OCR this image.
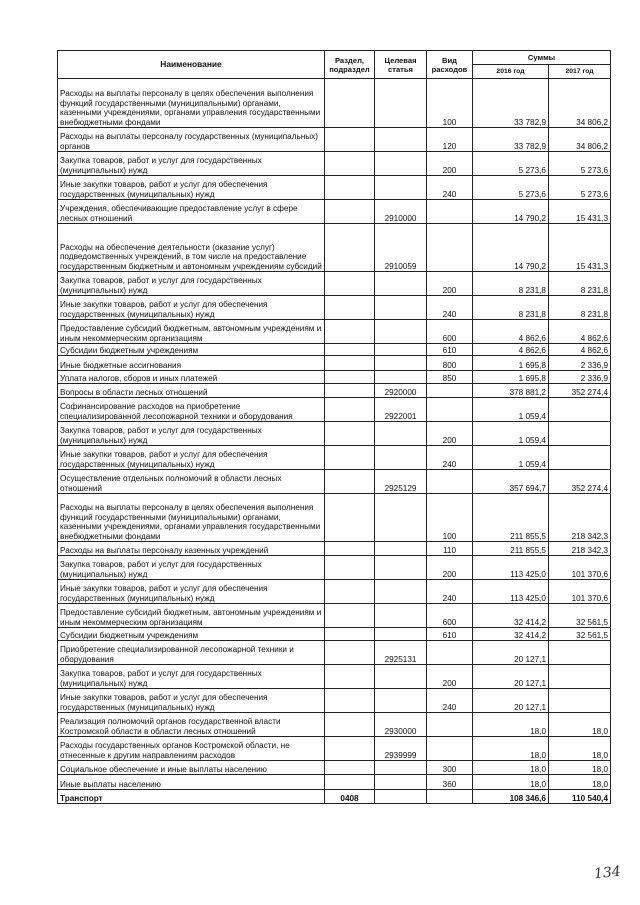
Наименование	Раздел, подраздел	Целевая статья	Вид расходов	Суммы	
				2016 год	2017 год
Расходы на выплаты персоналу в целях обеспечения выполнения функций государственными (муниципальными) органами, казенными учреждениями, органами управления государственными внебюджетными фондами			100	33 782,9	34 806,2
Расходы на выплаты персоналу государственных (муниципальных) органов			120	33 782,9	34 806,2
Закупка товаров, работ и услуг для государственных (муниципальных) нужд			200	5 273,6	5 273,6
Иные закупки товаров, работ и услуг для обеспечения государственных (муниципальных) нужд			240	5 273,6	5 273,6
Учреждения, обеспечивающие предоставление услуг в сфере лесных отношений		2910000		14 790,2	15 431,3
Расходы на обеспечение деятельности (оказание услуг) подведомственных учреждений, в том числе на предоставление государственным бюджетным и автономным учреждениям субсидий		2910059		14 790,2	15 431,3
Закупка товаров, работ и услуг для государственных (муниципальных) нужд			200	8 231,8	8 231,8
Иные закупки товаров, работ и услуг для обеспечения государственных (муниципальных) нужд			240	8 231,8	8 231,8
Предоставление субсидий бюджетным, автономным учреждениям и иным некоммерческим организациям			600	4 862,6	4 862,6
Субсидии бюджетным учреждениям			610	4 862,6	4 862,6
Иные бюджетные ассигнования			800	1 695,8	2 336,9
Уплата налогов, сборов и иных платежей			850	1 695,8	2 336,9
Вопросы в области лесных отношений		2920000		378 881,2	352 274,4
Софинансирование расходов на приобретение специализированной лесопожарной техники и оборудования		2922001		1 059,4	
Закупка товаров, работ и услуг для государственных (муниципальных) нужд			200	1 059,4	
Иные закупки товаров, работ и услуг для обеспечения государственных (муниципальных) нужд			240	1 059,4	
Осуществление отдельных полномочий в области лесных отношений		2925129		357 694,7	352 274,4
Расходы на выплаты персоналу в целях обеспечения выполнения функций государственными (муниципальными) органами, казенными учреждениями, органами управления государственными внебюджетными фондами			100	211 855,5	218 342,3
Расходы на выплаты персоналу казенных учреждений			110	211 855,5	218 342,3
Закупка товаров, работ и услуг для государственных (муниципальных) нужд			200	113 425,0	101 370,6
Иные закупки товаров, работ и услуг для обеспечения государственных (муниципальных) нужд			240	113 425,0	101 370,6
Предоставление субсидий бюджетным, автономным учреждениям и иным некоммерческим организациям			600	32 414,2	32 561,5
Субсидии бюджетным учреждениям			610	32 414,2	32 561,5
Приобретение специализированной лесопожарной техники и оборудования		2925131		20 127,1	
Закупка товаров, работ и услуг для государственных (муниципальных) нужд			200	20 127,1	
Иные закупки товаров, работ и услуг для обеспечения государственных (муниципальных) нужд			240	20 127,1	
Реализация полномочий органов государственной власти Костромской области в области лесных отношений		2930000		18,0	18,0
Расходы государственных органов Костромской области, не отнесенные к другим направлениям расходов		2939999		18,0	18,0
Социальное обеспечение и иные выплаты населению			300	18,0	18,0
Иные выплаты населению			360	18,0	18,0
Транспорт	0408			108 346,6	110 540,4
134
